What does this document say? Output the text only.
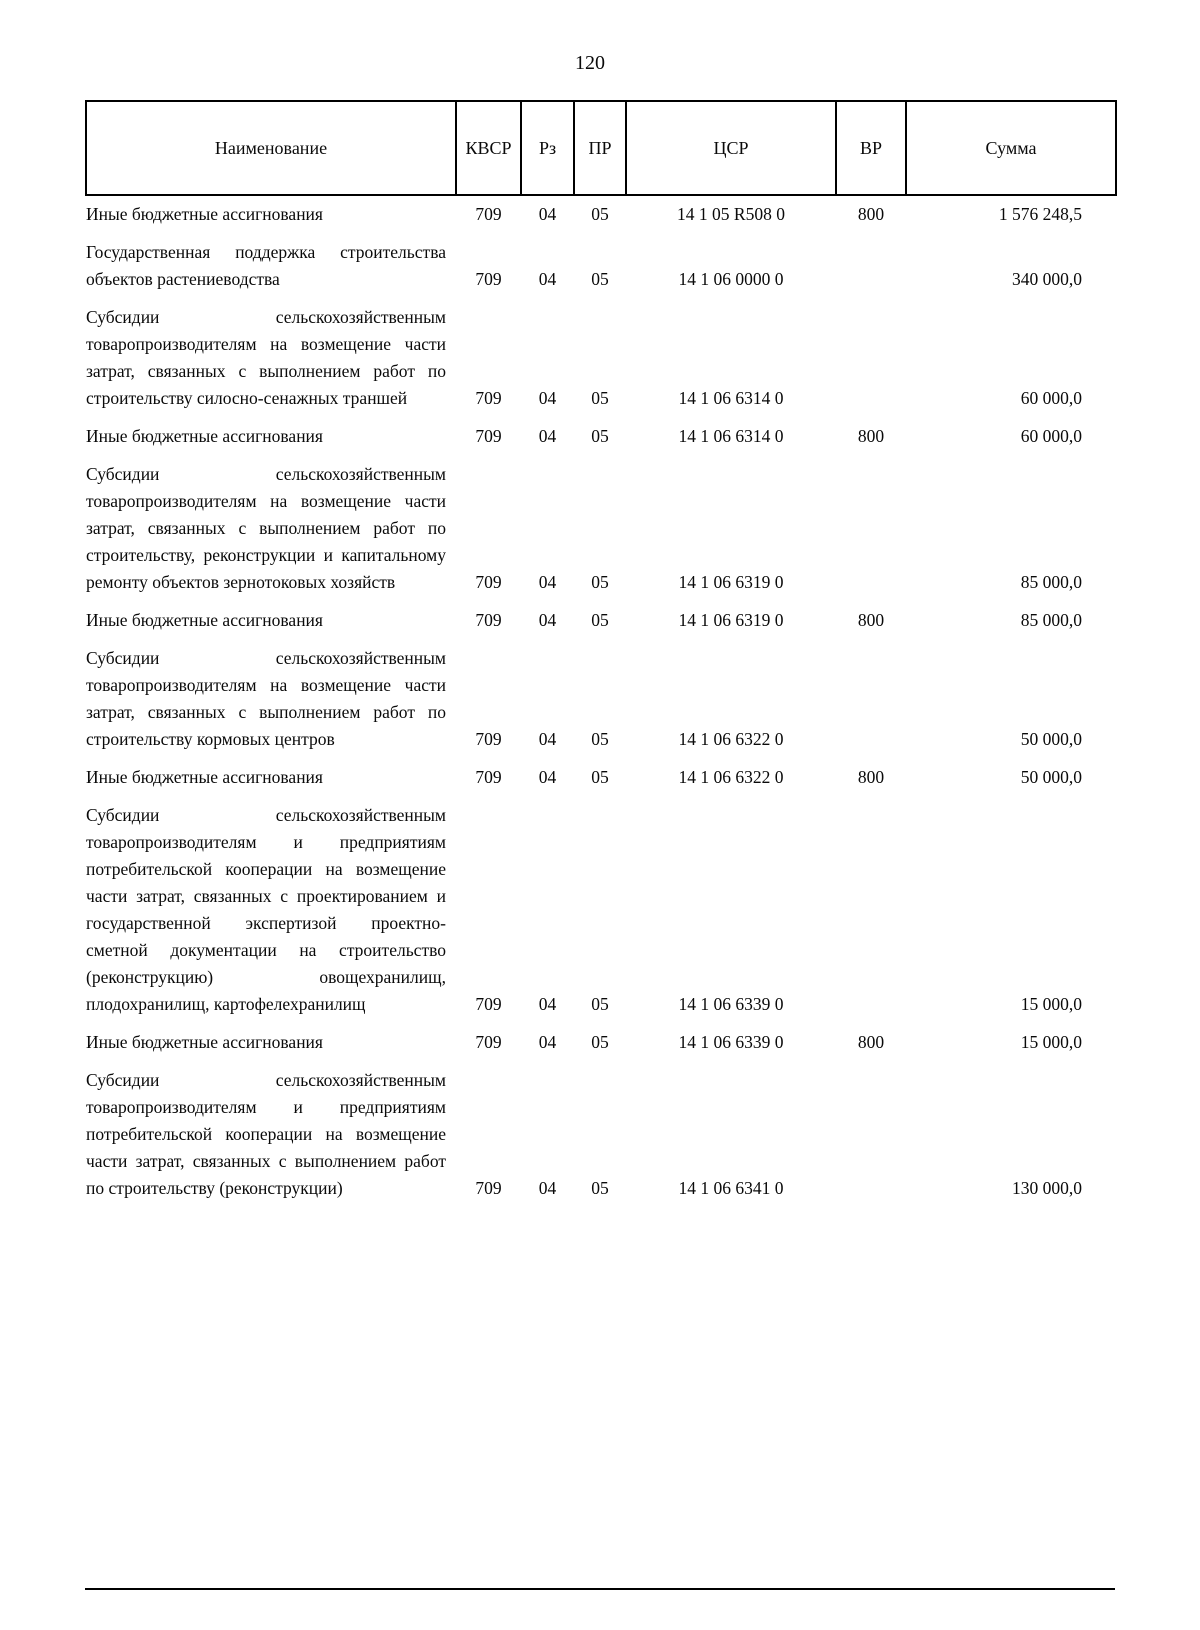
120
Наименование	КВСР	Рз	ПР	ЦСР	ВР	Сумма
Иные бюджетные ассигнования	709	04	05	14 1 05 R508 0	800	1 576 248,5
Государственная поддержка строительства объектов растениеводства	709	04	05	14 1 06 0000 0		340 000,0
Субсидии сельскохозяйственным товаропроизводителям на возмещение части затрат, связанных с выполнением работ по строительству силосно-сенажных траншей	709	04	05	14 1 06 6314 0		60 000,0
Иные бюджетные ассигнования	709	04	05	14 1 06 6314 0	800	60 000,0
Субсидии сельскохозяйственным товаропроизводителям на возмещение части затрат, связанных с выполнением работ по строительству, реконструкции и капитальному ремонту объектов зернотоковых хозяйств	709	04	05	14 1 06 6319 0		85 000,0
Иные бюджетные ассигнования	709	04	05	14 1 06 6319 0	800	85 000,0
Субсидии сельскохозяйственным товаропроизводителям на возмещение части затрат, связанных с выполнением работ по строительству кормовых центров	709	04	05	14 1 06 6322 0		50 000,0
Иные бюджетные ассигнования	709	04	05	14 1 06 6322 0	800	50 000,0
Субсидии сельскохозяйственным товаропроизводителям и предприятиям потребительской кооперации на возмещение части затрат, связанных с проектированием и государственной экспертизой проектно-сметной документации на строительство (реконструкцию) овощехранилищ, плодохранилищ, картофелехранилищ	709	04	05	14 1 06 6339 0		15 000,0
Иные бюджетные ассигнования	709	04	05	14 1 06 6339 0	800	15 000,0
Субсидии сельскохозяйственным товаропроизводителям и предприятиям потребительской кооперации на возмещение части затрат, связанных с выполнением работ по строительству (реконструкции)	709	04	05	14 1 06 6341 0		130 000,0
